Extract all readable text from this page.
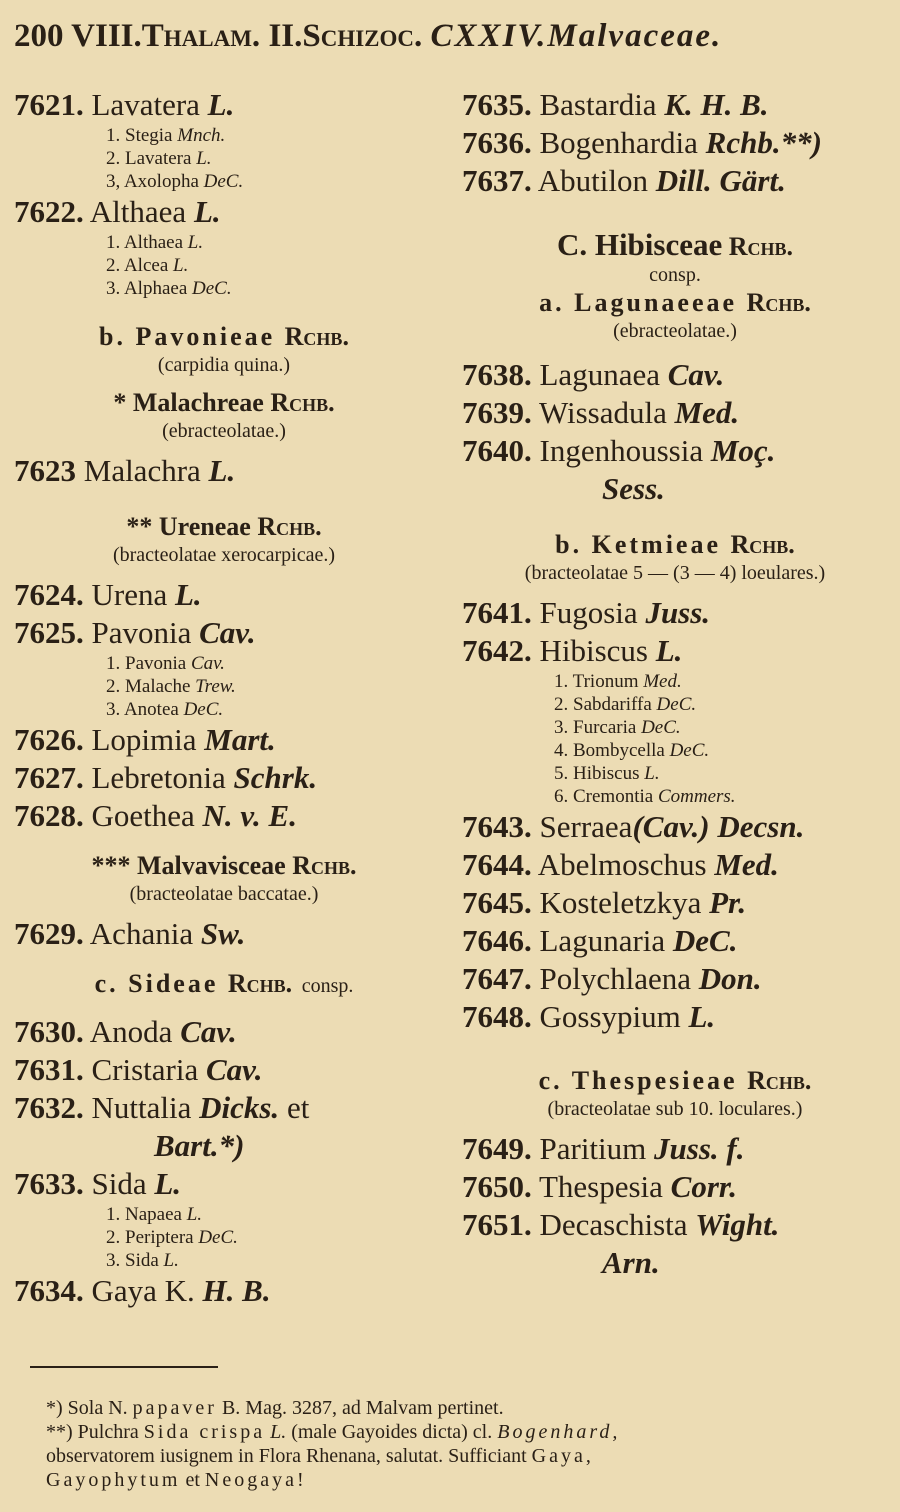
200 VIII.Thalam. II.Schizoc. CXXIV.Malvaceae.
7621. Lavatera L.
1. Stegia Mnch.
2. Lavatera L.
3, Axolopha DeC.
7622. Althaea L.
1. Althaea L.
2. Alcea L.
3. Alphaea DeC.
b. Pavonieae Rchb.
(carpidia quina.)
* Malachreae Rchb.
(ebracteolatae.)
7623 Malachra L.
** Ureneae Rchb.
(bracteolatae xerocarpicae.)
7624. Urena L.
7625. Pavonia Cav.
1. Pavonia Cav.
2. Malache Trew.
3. Anotea DeC.
7626. Lopimia Mart.
7627. Lebretonia Schrk.
7628. Goethea N. v. E.
*** Malvavisceae Rchb.
(bracteolatae baccatae.)
7629. Achania Sw.
c. Sideae Rchb. consp.
7630. Anoda Cav.
7631. Cristaria Cav.
7632. Nuttalia Dicks. et
Bart.*)
7633. Sida L.
1. Napaea L.
2. Periptera DeC.
3. Sida L.
7634. Gaya K. H. B.
7635. Bastardia K. H. B.
7636. Bogenhardia Rchb.**)
7637. Abutilon Dill. Gärt.
C. Hibisceae Rchb.
consp.
a. Lagunaeeae Rchb.
(ebracteolatae.)
7638. Lagunaea Cav.
7639. Wissadula Med.
7640. Ingenhoussia Moç.
Sess.
b. Ketmieae Rchb.
(bracteolatae 5 — (3 — 4) loeulares.)
7641. Fugosia Juss.
7642. Hibiscus L.
1. Trionum Med.
2. Sabdariffa DeC.
3. Furcaria DeC.
4. Bombycella DeC.
5. Hibiscus L.
6. Cremontia Commers.
7643. Serraea(Cav.) Decsn.
7644. Abelmoschus Med.
7645. Kosteletzkya Pr.
7646. Lagunaria DeC.
7647. Polychlaena Don.
7648. Gossypium L.
c. Thespesieae Rchb.
(bracteolatae sub 10. loculares.)
7649. Paritium Juss. f.
7650. Thespesia Corr.
7651. Decaschista Wight.
Arn.
*) Sola N. papaver B. Mag. 3287, ad Malvam pertinet.
**) Pulchra Sida crispa L. (male Gayoides dicta) cl. Bogenhard,
observatorem iusignem in Flora Rhenana, salutat. Sufficiant Gaya,
Gayophytum et Neogaya!
